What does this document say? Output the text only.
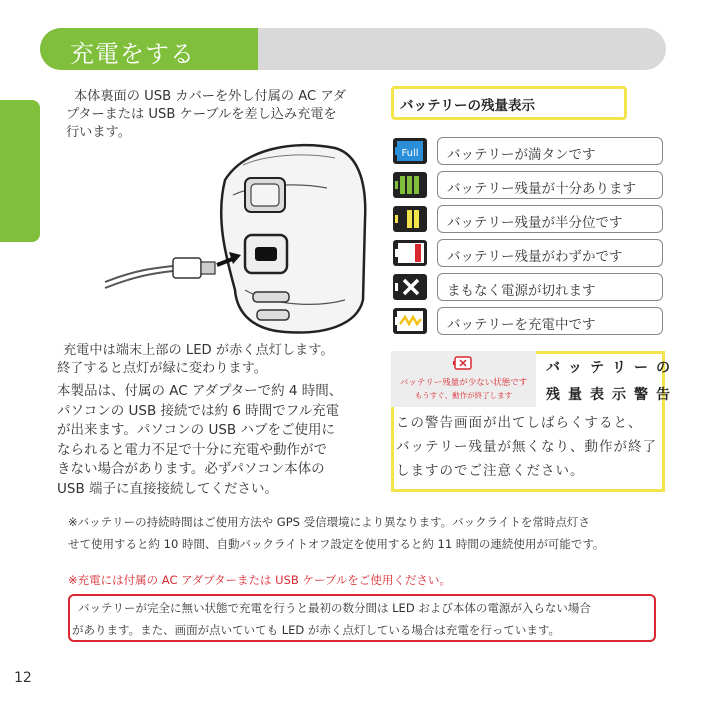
充電をする
本体裏面の USB カバーを外し付属の AC アダ
プターまたは USB ケーブルを差し込み充電を
行います。
充電中は端末上部の LED が赤く点灯します。
終了すると点灯が緑に変わります。
本製品は、付属の AC アダプターで約 4 時間、
パソコンの USB 接続では約 6 時間でフル充電
が出来ます。パソコンの USB ハブをご使用に
なられると電力不足で十分に充電や動作がで
きない場合があります。必ずパソコン本体の
USB 端子に直接接続してください。
バッテリーの残量表示
Full バッテリーが満タンです
バッテリー残量が十分あります
バッテリー残量が半分位です
バッテリー残量がわずかです
まもなく電源が切れます
バッテリーを充電中です
バッテリー残量が少ない状態です
もうすぐ、動作が終了します
バッテリーの
残量表示警告
この警告画面が出てしばらくすると、
バッテリー残量が無くなり、動作が終了
しますのでご注意ください。
※バッテリーの持続時間はご使用方法や GPS 受信環境により異なります。バックライトを常時点灯さ
せて使用すると約 10 時間、自動バックライトオフ設定を使用すると約 11 時間の連続使用が可能です。
※充電には付属の AC アダプターまたは USB ケーブルをご使用ください。
バッテリーが完全に無い状態で充電を行うと最初の数分間は LED および本体の電源が入らない場合
があります。また、画面が点いていても LED が赤く点灯している場合は充電を行っています。
12
